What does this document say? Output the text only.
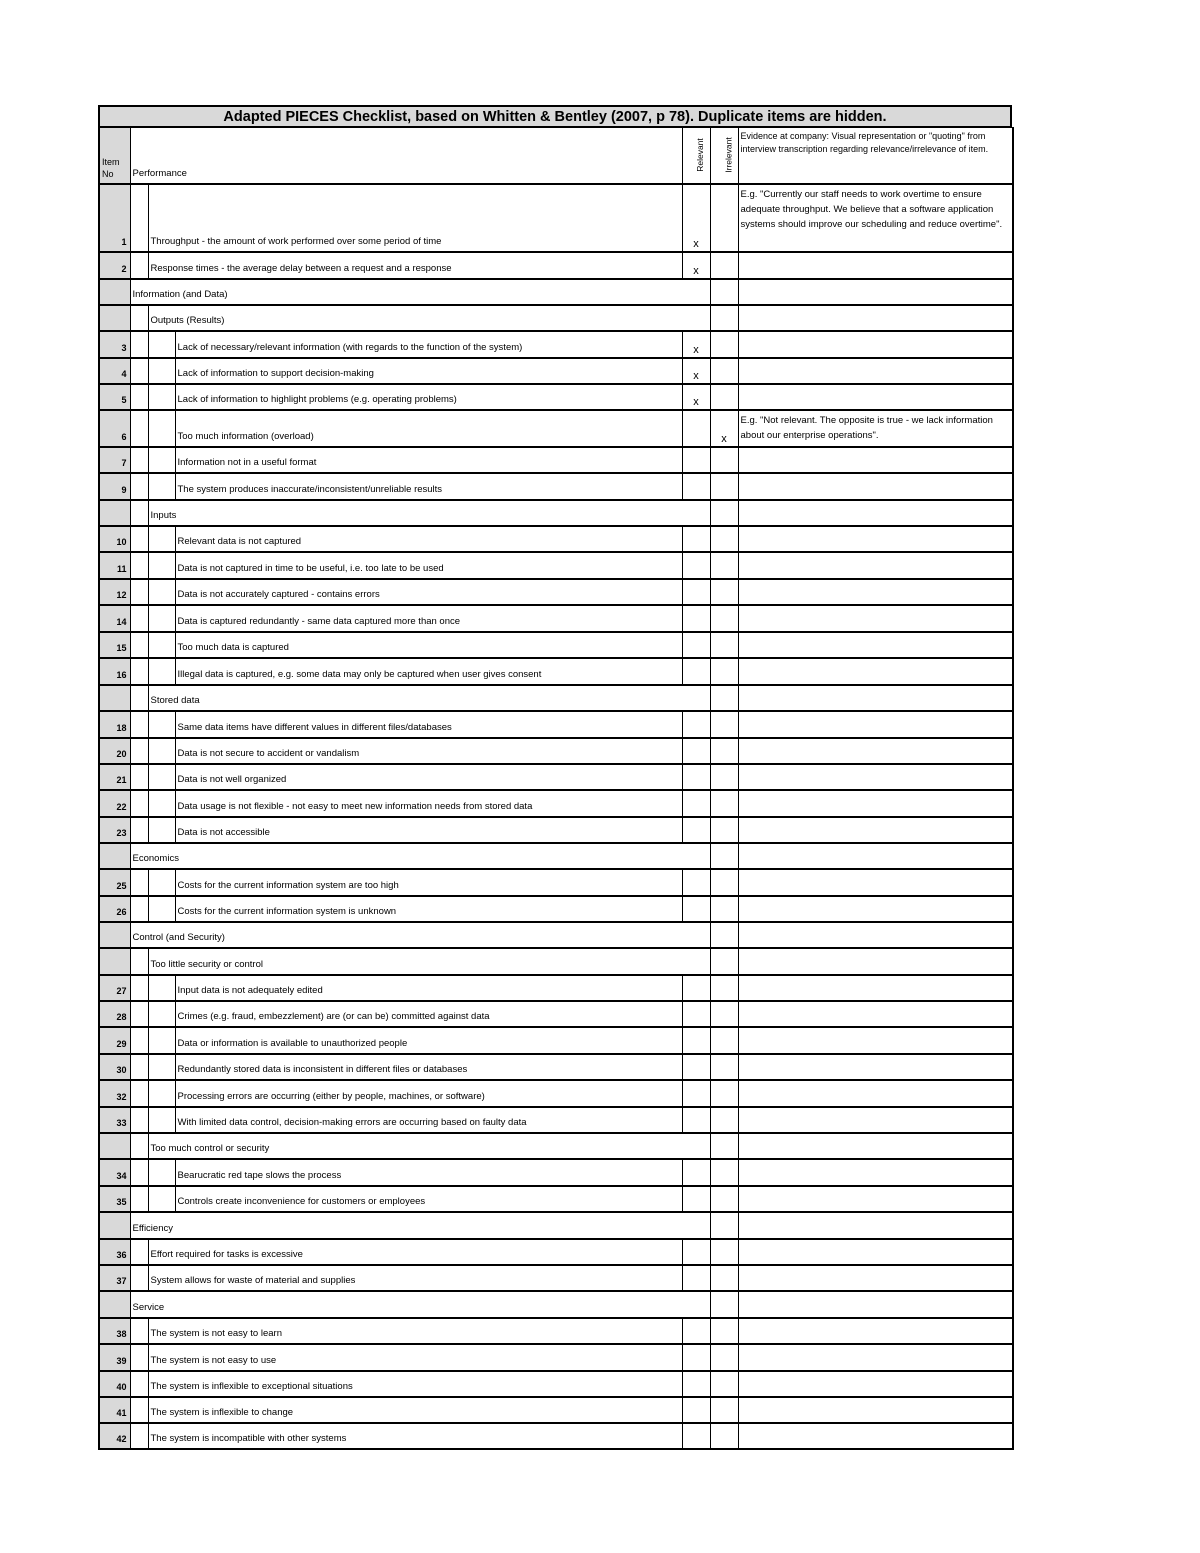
Adapted PIECES Checklist, based on Whitten & Bentley (2007, p 78). Duplicate items are hidden.
Item
No	Performance			Relevant	Irrelevant	Evidence at company: Visual representation or "quoting" from interview transcription regarding relevance/irrelevance of item.
1		Throughput - the amount of work performed over some period of time		x		E.g. "Currently our staff needs to work overtime to ensure adequate throughput. We believe that a software application systems should improve our scheduling and reduce overtime".
2		Response times - the average delay between a request and a response		x		
	Information (and Data)					
		Outputs (Results)				
3			Lack of necessary/relevant information (with regards to the function of the system)	x		
4			Lack of information to support decision-making	x		
5			Lack of information to highlight problems (e.g. operating problems)	x		
6			Too much information (overload)		x	E.g. "Not relevant. The opposite is true - we lack information about our enterprise operations".
7			Information not in a useful format			
9			The system produces inaccurate/inconsistent/unreliable results			
		Inputs				
10			Relevant data is not captured			
11			Data is not captured in time to be useful, i.e. too late to be used			
12			Data is not accurately captured - contains errors			
14			Data is captured redundantly - same data captured more than once			
15			Too much data is captured			
16			Illegal data is captured, e.g. some data may only be captured when user gives consent			
		Stored data				
18			Same data items have different values in different files/databases			
20			Data is not secure to accident or vandalism			
21			Data is not well organized			
22			Data usage is not flexible - not easy to meet new information needs from stored data			
23			Data is not accessible			
	Economics					
25			Costs for the current information system are too high			
26			Costs for the current information system is unknown			
	Control (and Security)					
		Too little security or control				
27			Input data is not adequately edited			
28			Crimes (e.g. fraud, embezzlement) are (or can be) committed against data			
29			Data or information is available to unauthorized people			
30			Redundantly stored data is inconsistent in different files or databases			
32			Processing errors are occurring (either by people, machines, or software)			
33			With limited data control, decision-making errors are occurring based on faulty data			
		Too much control or security				
34			Bearucratic red tape slows the process			
35			Controls create inconvenience for customers or employees			
	Efficiency					
36		Effort required for tasks is excessive				
37		System allows for waste of material and supplies				
	Service					
38		The system is not easy to learn				
39		The system is not easy to use				
40		The system is inflexible to exceptional situations				
41		The system is inflexible to change				
42		The system is incompatible with other systems				
